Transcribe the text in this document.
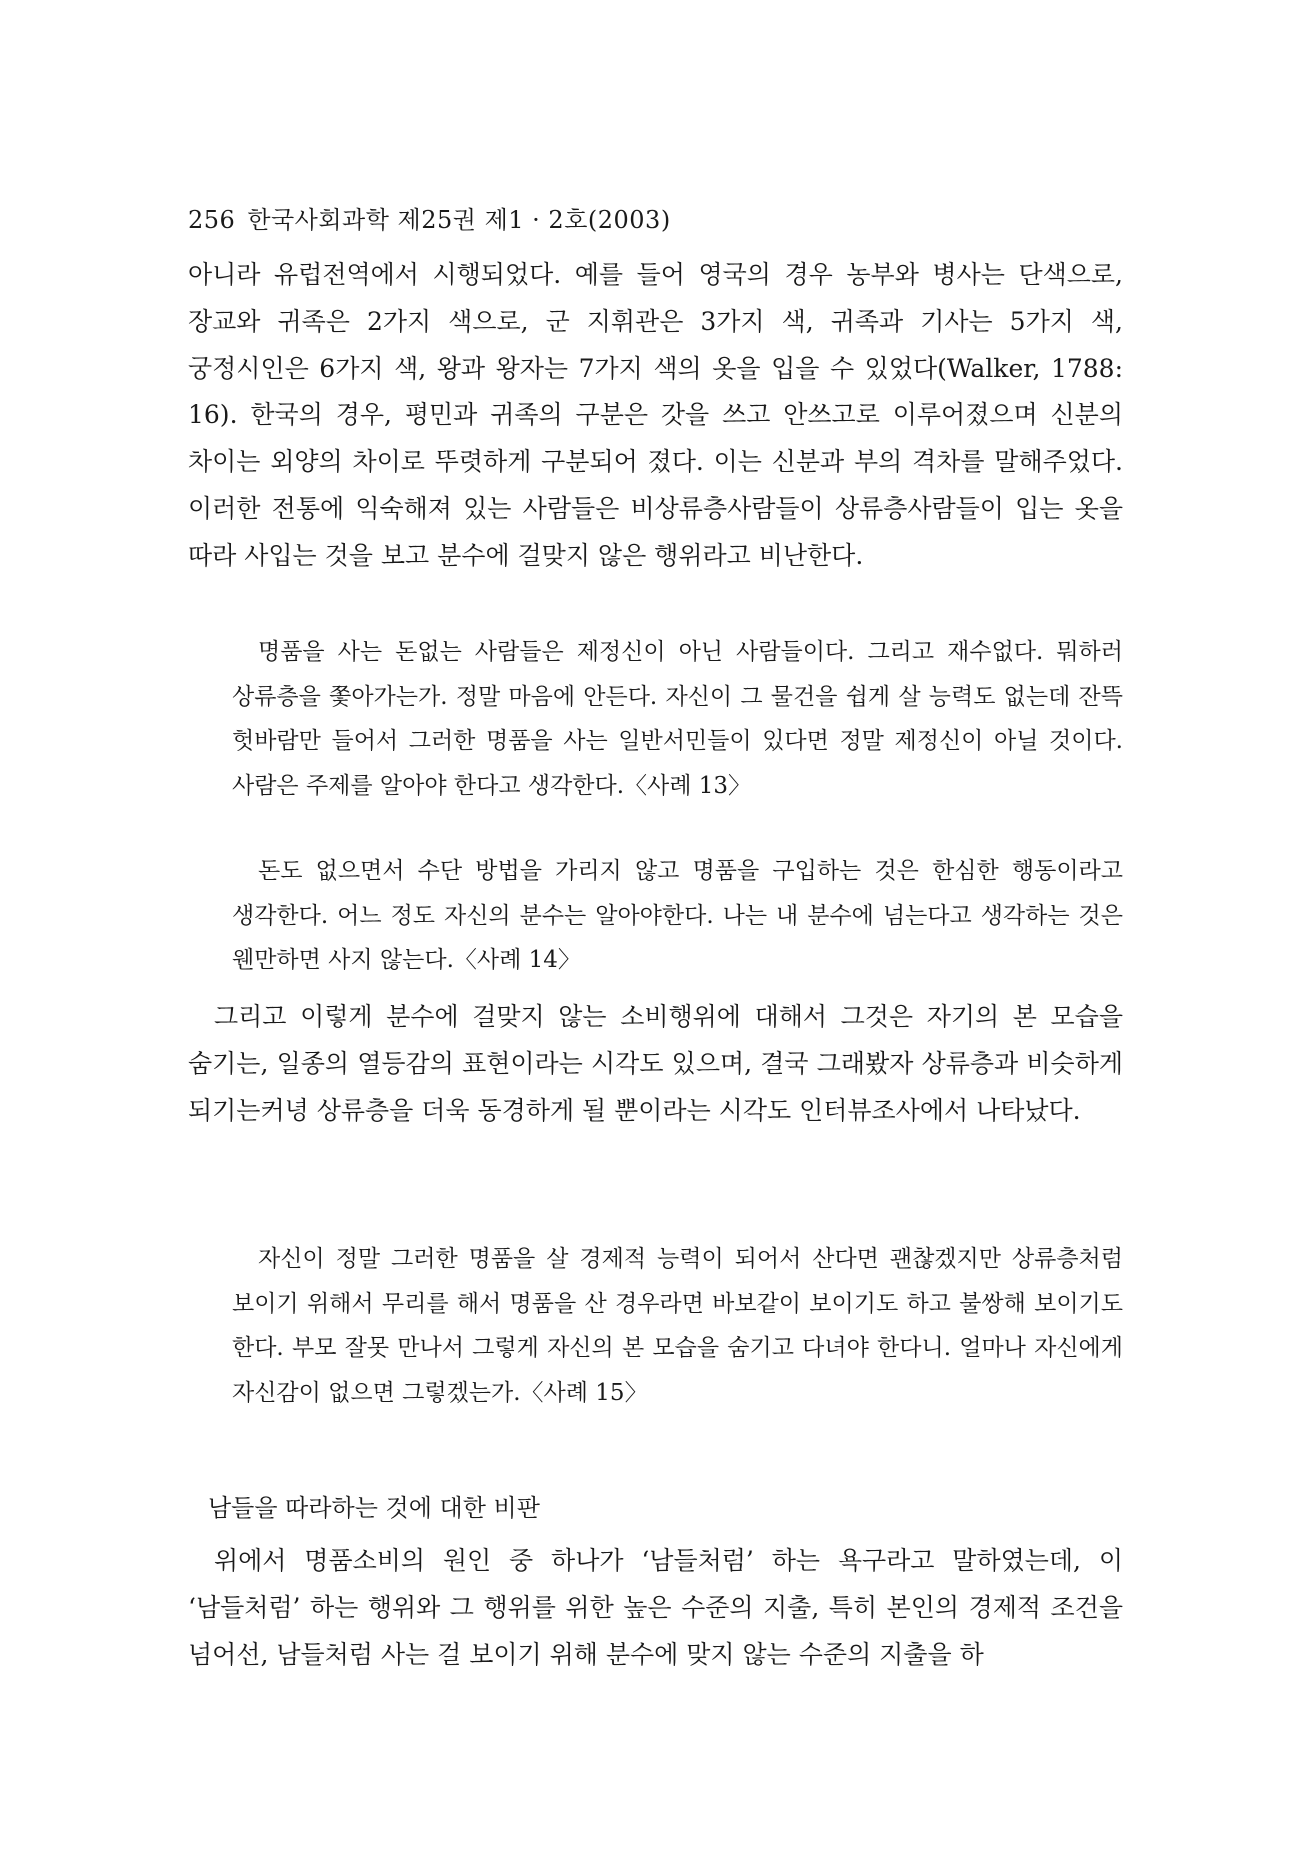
256 한국사회과학 제25권 제1 · 2호(2003)

아니라 유럽전역에서 시행되었다. 예를 들어 영국의 경우 농부와 병사는 단색으로, 장교와 귀족은 2가지 색으로, 군 지휘관은 3가지 색, 귀족과 기사는 5가지 색, 궁정시인은 6가지 색, 왕과 왕자는 7가지 색의 옷을 입을 수 있었다(Walker, 1788: 16). 한국의 경우, 평민과 귀족의 구분은 갓을 쓰고 안쓰고로 이루어졌으며 신분의 차이는 외양의 차이로 뚜렷하게 구분되어 졌다. 이는 신분과 부의 격차를 말해주었다. 이러한 전통에 익숙해져 있는 사람들은 비상류층사람들이 상류층사람들이 입는 옷을 따라 사입는 것을 보고 분수에 걸맞지 않은 행위라고 비난한다.

명품을 사는 돈없는 사람들은 제정신이 아닌 사람들이다. 그리고 재수없다. 뭐하러 상류층을 쫓아가는가. 정말 마음에 안든다. 자신이 그 물건을 쉽게 살 능력도 없는데 잔뜩 헛바람만 들어서 그러한 명품을 사는 일반서민들이 있다면 정말 제정신이 아닐 것이다. 사람은 주제를 알아야 한다고 생각한다.〈사례 13〉

돈도 없으면서 수단 방법을 가리지 않고 명품을 구입하는 것은 한심한 행동이라고 생각한다. 어느 정도 자신의 분수는 알아야한다. 나는 내 분수에 넘는다고 생각하는 것은 웬만하면 사지 않는다.〈사례 14〉

그리고 이렇게 분수에 걸맞지 않는 소비행위에 대해서 그것은 자기의 본 모습을 숨기는, 일종의 열등감의 표현이라는 시각도 있으며, 결국 그래봤자 상류층과 비슷하게 되기는커녕 상류층을 더욱 동경하게 될 뿐이라는 시각도 인터뷰조사에서 나타났다.

자신이 정말 그러한 명품을 살 경제적 능력이 되어서 산다면 괜찮겠지만 상류층처럼 보이기 위해서 무리를 해서 명품을 산 경우라면 바보같이 보이기도 하고 불쌍해 보이기도 한다. 부모 잘못 만나서 그렇게 자신의 본 모습을 숨기고 다녀야 한다니. 얼마나 자신에게 자신감이 없으면 그렇겠는가.〈사례 15〉

남들을 따라하는 것에 대한 비판

위에서 명품소비의 원인 중 하나가 ‘남들처럼’ 하는 욕구라고 말하였는데, 이 ‘남들처럼’ 하는 행위와 그 행위를 위한 높은 수준의 지출, 특히 본인의 경제적 조건을 넘어선, 남들처럼 사는 걸 보이기 위해 분수에 맞지 않는 수준의 지출을 하
